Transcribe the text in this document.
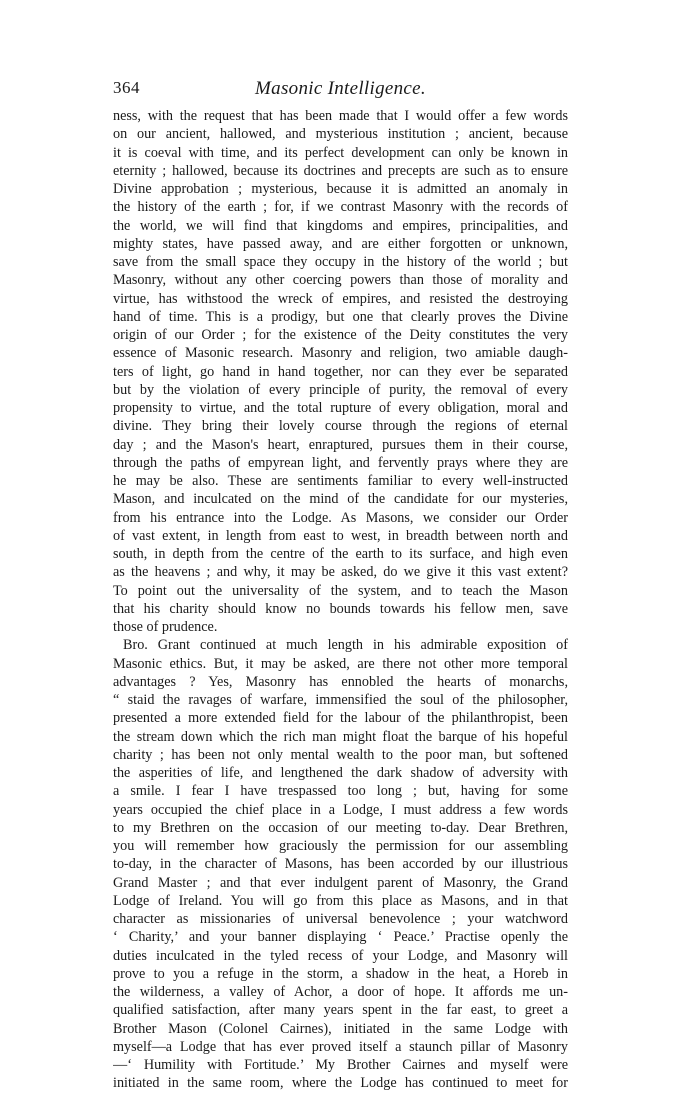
364	Masonic Intelligence.
ness, with the request that has been made that I would offer a few words
on our ancient, hallowed, and mysterious institution ; ancient, because
it is coeval with time, and its perfect development can only be known in
eternity ; hallowed, because its doctrines and precepts are such as to ensure
Divine approbation ; mysterious, because it is admitted an anomaly in
the history of the earth ; for, if we contrast Masonry with the records of
the world, we will find that kingdoms and empires, principalities, and
mighty states, have passed away, and are either forgotten or unknown,
save from the small space they occupy in the history of the world ; but
Masonry, without any other coercing powers than those of morality and
virtue, has withstood the wreck of empires, and resisted the destroying
hand of time. This is a prodigy, but one that clearly proves the Divine
origin of our Order ; for the existence of the Deity constitutes the very
essence of Masonic research. Masonry and religion, two amiable daugh-
ters of light, go hand in hand together, nor can they ever be separated
but by the violation of every principle of purity, the removal of every
propensity to virtue, and the total rupture of every obligation, moral and
divine. They bring their lovely course through the regions of eternal
day ; and the Mason's heart, enraptured, pursues them in their course,
through the paths of empyrean light, and fervently prays where they are
he may be also. These are sentiments familiar to every well-instructed
Mason, and inculcated on the mind of the candidate for our mysteries,
from his entrance into the Lodge. As Masons, we consider our Order
of vast extent, in length from east to west, in breadth between north and
south, in depth from the centre of the earth to its surface, and high even
as the heavens ; and why, it may be asked, do we give it this vast extent?
To point out the universality of the system, and to teach the Mason
that his charity should know no bounds towards his fellow men, save
those of prudence.
Bro. Grant continued at much length in his admirable exposition of
Masonic ethics. But, it may be asked, are there not other more temporal
advantages ? Yes, Masonry has ennobled the hearts of monarchs,
“ staid the ravages of warfare, immensified the soul of the philosopher,
presented a more extended field for the labour of the philanthropist, been
the stream down which the rich man might float the barque of his hopeful
charity ; has been not only mental wealth to the poor man, but softened
the asperities of life, and lengthened the dark shadow of adversity with
a smile. I fear I have trespassed too long ; but, having for some
years occupied the chief place in a Lodge, I must address a few words
to my Brethren on the occasion of our meeting to-day. Dear Brethren,
you will remember how graciously the permission for our assembling
to-day, in the character of Masons, has been accorded by our illustrious
Grand Master ; and that ever indulgent parent of Masonry, the Grand
Lodge of Ireland. You will go from this place as Masons, and in that
character as missionaries of universal benevolence ; your watchword
‘ Charity,’ and your banner displaying ‘ Peace.’ Practise openly the
duties inculcated in the tyled recess of your Lodge, and Masonry will
prove to you a refuge in the storm, a shadow in the heat, a Horeb in
the wilderness, a valley of Achor, a door of hope. It affords me un-
qualified satisfaction, after many years spent in the far east, to greet a
Brother Mason (Colonel Cairnes), initiated in the same Lodge with
myself—a Lodge that has ever proved itself a staunch pillar of Masonry
—‘ Humility with Fortitude.’ My Brother Cairnes and myself were
initiated in the same room, where the Lodge has continued to meet for
